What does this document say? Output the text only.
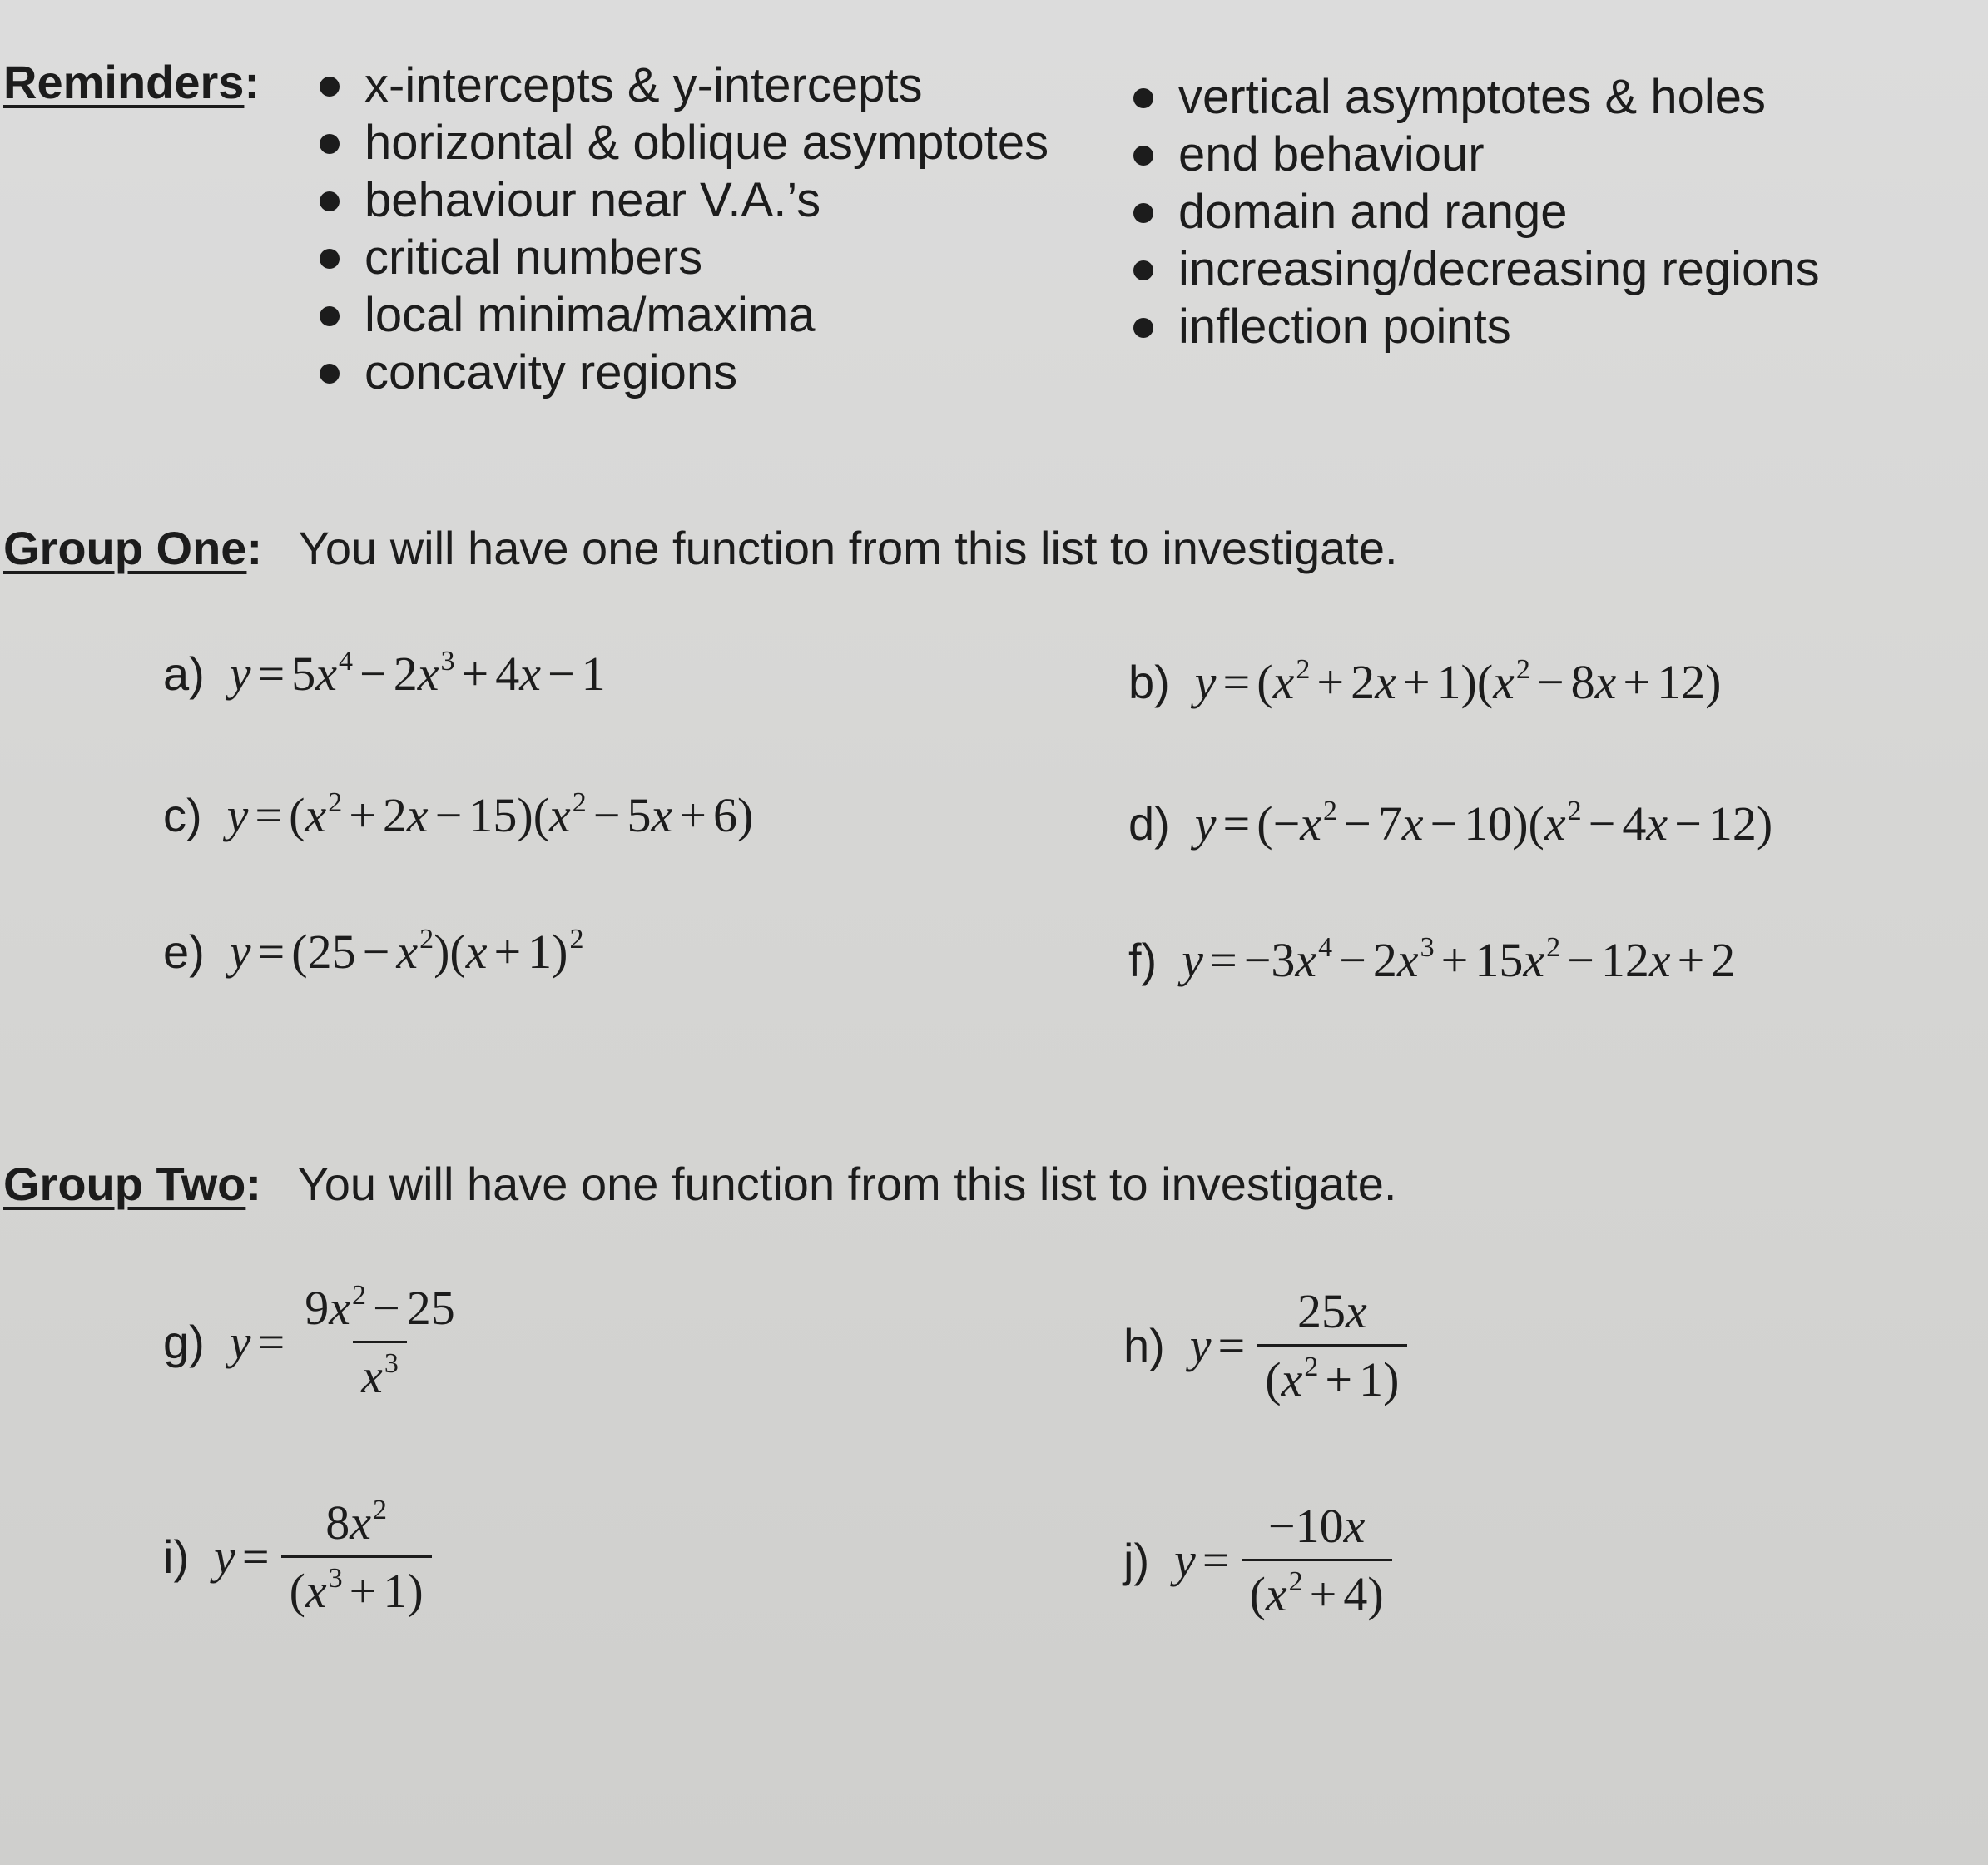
Reminders:	x-intercepts & y-intercepts
horizontal & oblique asymptotes
behaviour near V.A.’s
critical numbers
local minima/maxima
concavity regions
vertical asymptotes & holes
end behaviour
domain and range
increasing/decreasing regions
inflection points
Group One: You will have one function from this list to investigate.
a) $y = 5x^4 - 2x^3 + 4x - 1$	b) $y = (x^2 + 2x + 1)(x^2 - 8x + 12)$
c) $y = (x^2 + 2x - 15)(x^2 - 5x + 6)$	d) $y = (-x^2 - 7x - 10)(x^2 - 4x - 12)$
e) $y = (25 - x^2)(x + 1)^2$	f) $y = -3x^4 - 2x^3 + 15x^2 - 12x + 2$
Group Two: You will have one function from this list to investigate.
g) $y = \frac{9x^2 - 25}{x^3}$	h) $y = \frac{25x}{(x^2 + 1)}$
i) $y = \frac{8x^2}{(x^3 + 1)}$	j) $y = \frac{-10x}{(x^2 + 4)}$
